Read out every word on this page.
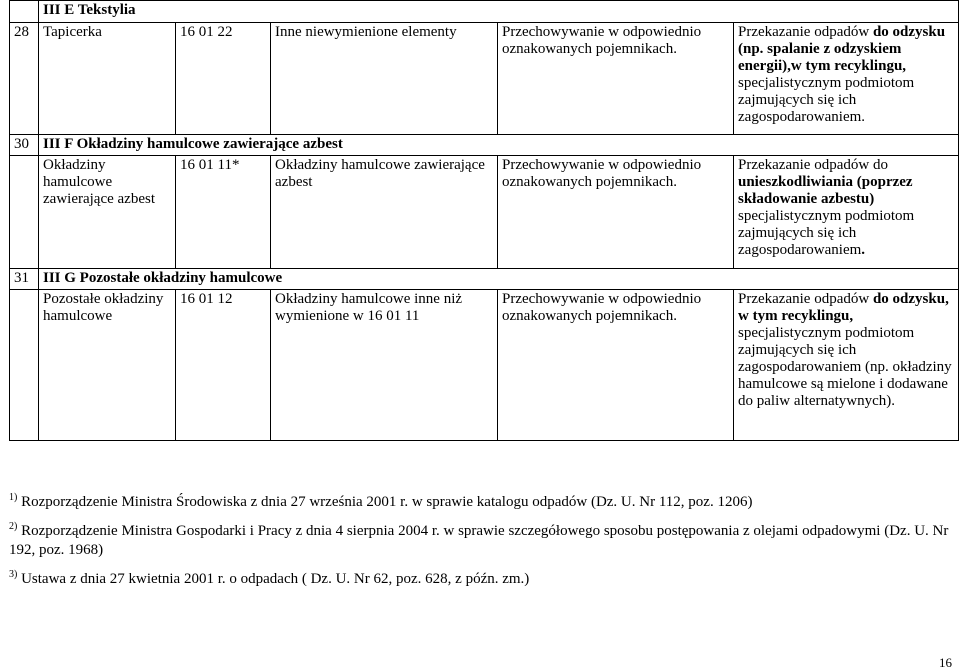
	III E Tekstylia				
28	Tapicerka	16 01 22	Inne niewymienione elementy	Przechowywanie w odpowiednio oznakowanych pojemnikach.	Przekazanie odpadów do odzysku (np. spalanie z odzyskiem energii),w tym recyklingu, specjalistycznym podmiotom zajmujących się ich zagospodarowaniem.
30	III F Okładziny hamulcowe zawierające azbest				
	Okładziny hamulcowe zawierające azbest	16 01 11*	Okładziny hamulcowe zawierające azbest	Przechowywanie w odpowiednio oznakowanych pojemnikach.	Przekazanie odpadów do unieszkodliwiania (poprzez składowanie azbestu) specjalistycznym podmiotom zajmujących się ich zagospodarowaniem.
31	III G Pozostałe okładziny hamulcowe				
	Pozostałe okładziny hamulcowe	16 01 12	Okładziny hamulcowe inne niż wymienione w 16 01 11	Przechowywanie w odpowiednio oznakowanych pojemnikach.	Przekazanie odpadów do odzysku, w tym recyklingu, specjalistycznym podmiotom zajmujących się ich zagospodarowaniem (np. okładziny hamulcowe są mielone i dodawane do paliw alternatywnych).

$^{1)}$ Rozporządzenie Ministra Środowiska z dnia 27 września 2001 r. w sprawie katalogu odpadów (Dz. U. Nr 112, poz. 1206)

$^{2)}$ Rozporządzenie Ministra Gospodarki i Pracy z dnia 4 sierpnia 2004 r. w sprawie szczegółowego sposobu postępowania z olejami odpadowymi (Dz. U. Nr 192, poz. 1968)

$^{3)}$ Ustawa z dnia 27 kwietnia 2001 r. o odpadach ( Dz. U. Nr 62, poz. 628, z późn. zm.)

16
